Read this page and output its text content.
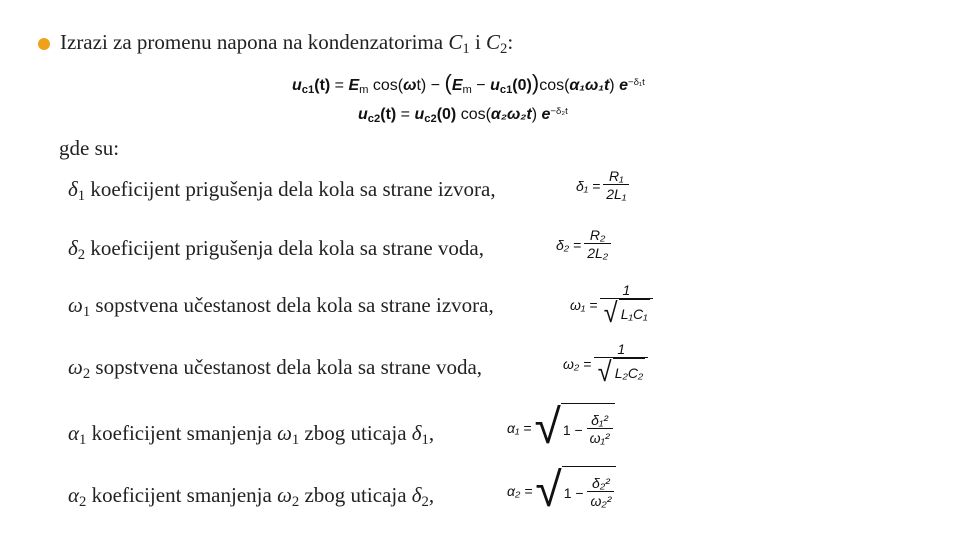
Izrazi za promenu napona na kondenzatorima C1 i C2:
uc1(t) = Em cos(ωt) − (Em − uc1(0))cos(α₁ω₁t) $e^{-\delta_1t}$
uc2(t) = uc2(0) cos(α₂ω₂t) $e^{-\delta_2t}$
gde su:
δ1 koeficijent prigušenja dela kola sa strane izvora,
δ2 koeficijent prigušenja dela kola sa strane voda,
ω1 sopstvena učestanost dela kola sa strane izvora,
ω2 sopstvena učestanost dela kola sa strane voda,
α1 koeficijent smanjenja ω1 zbog uticaja δ1,
α2 koeficijent smanjenja ω2 zbog uticaja δ2,
$\delta_1 = \frac{\text{R₁}}{\text{2L₁}}$
$\delta_2 = \frac{\text{R₂}}{\text{2L₂}}$
$\omega_1 = \frac{1}{\text{√ L₁C₁}}$
$\omega_2 = \frac{1}{\text{√ L₂C₂}}$
α₁ = √ 1 −
$\frac{\text{δ₁²}}{\text{ω₁²}}$
α₂ = √ 1 −
$\frac{\text{δ₂²}}{\text{ω₂²}}$
